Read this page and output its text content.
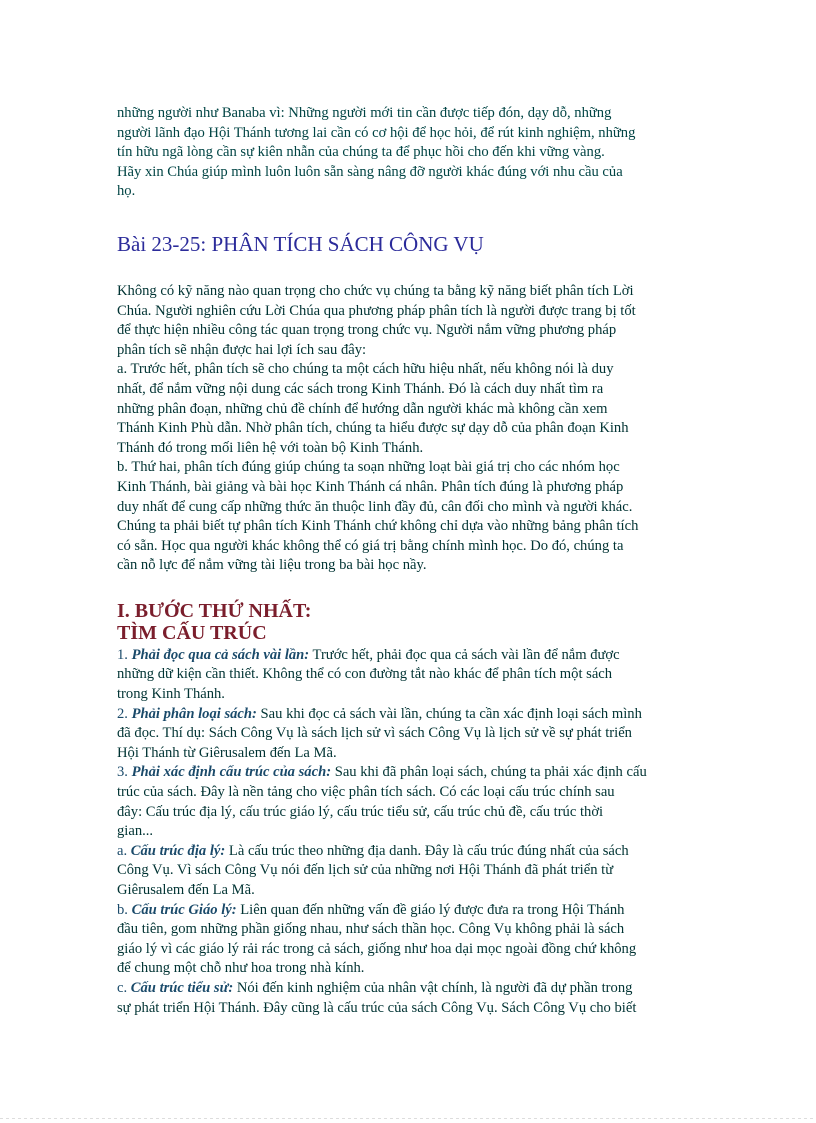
những người như Banaba vì: Những người mới tin cần được tiếp đón, dạy dỗ, những
người lãnh đạo Hội Thánh tương lai cần có cơ hội để học hỏi, để rút kinh nghiệm, những
tín hữu ngã lòng cần sự kiên nhẫn của chúng ta để phục hồi cho đến khi vững vàng.
Hãy xin Chúa giúp mình luôn luôn sẵn sàng nâng đỡ người khác đúng với nhu cầu của
họ.
Bài 23-25: PHÂN TÍCH SÁCH CÔNG VỤ
Không có kỹ năng nào quan trọng cho chức vụ chúng ta bằng kỹ năng biết phân tích Lời
Chúa. Người nghiên cứu Lời Chúa qua phương pháp phân tích là người được trang bị tốt
để thực hiện nhiều công tác quan trọng trong chức vụ. Người nắm vững phương pháp
phân tích sẽ nhận được hai lợi ích sau đây:
a. Trước hết, phân tích sẽ cho chúng ta một cách hữu hiệu nhất, nếu không nói là duy
nhất, để nắm vững nội dung các sách trong Kinh Thánh. Đó là cách duy nhất tìm ra
những phân đoạn, những chủ đề chính để hướng dẫn người khác mà không cần xem
Thánh Kinh Phù dẫn. Nhờ phân tích, chúng ta hiểu được sự dạy dỗ của phân đoạn Kinh
Thánh đó trong mối liên hệ với toàn bộ Kinh Thánh.
b. Thứ hai, phân tích đúng giúp chúng ta soạn những loạt bài giá trị cho các nhóm học
Kinh Thánh, bài giảng và bài học Kinh Thánh cá nhân. Phân tích đúng là phương pháp
duy nhất để cung cấp những thức ăn thuộc linh đầy đủ, cân đối cho mình và người khác.
Chúng ta phải biết tự phân tích Kinh Thánh chứ không chỉ dựa vào những bảng phân tích
có sẵn. Học qua người khác không thể có giá trị bằng chính mình học. Do đó, chúng ta
cần nỗ lực để nắm vững tài liệu trong ba bài học nầy.
I. BƯỚC THỨ NHẤT:
TÌM CẤU TRÚC
1. Phải đọc qua cả sách vài lần: Trước hết, phải đọc qua cả sách vài lần để nắm được
những dữ kiện cần thiết. Không thể có con đường tắt nào khác để phân tích một sách
trong Kinh Thánh.
2. Phải phân loại sách: Sau khi đọc cả sách vài lần, chúng ta cần xác định loại sách mình
đã đọc. Thí dụ: Sách Công Vụ là sách lịch sử vì sách Công Vụ là lịch sử về sự phát triển
Hội Thánh từ Giêrusalem đến La Mã.
3. Phải xác định cấu trúc của sách: Sau khi đã phân loại sách, chúng ta phải xác định cấu
trúc của sách. Đây là nền tảng cho việc phân tích sách. Có các loại cấu trúc chính sau
đây: Cấu trúc địa lý, cấu trúc giáo lý, cấu trúc tiểu sử, cấu trúc chủ đề, cấu trúc thời
gian...
a. Cấu trúc địa lý: Là cấu trúc theo những địa danh. Đây là cấu trúc đúng nhất của sách
Công Vụ. Vì sách Công Vụ nói đến lịch sử của những nơi Hội Thánh đã phát triển từ
Giêrusalem đến La Mã.
b. Cấu trúc Giáo lý: Liên quan đến những vấn đề giáo lý được đưa ra trong Hội Thánh
đầu tiên, gom những phần giống nhau, như sách thần học. Công Vụ không phải là sách
giáo lý vì các giáo lý rải rác trong cả sách, giống như hoa dại mọc ngoài đồng chứ không
để chung một chỗ như hoa trong nhà kính.
c. Cấu trúc tiểu sử: Nói đến kinh nghiệm của nhân vật chính, là người đã dự phần trong
sự phát triển Hội Thánh. Đây cũng là cấu trúc của sách Công Vụ. Sách Công Vụ cho biết
